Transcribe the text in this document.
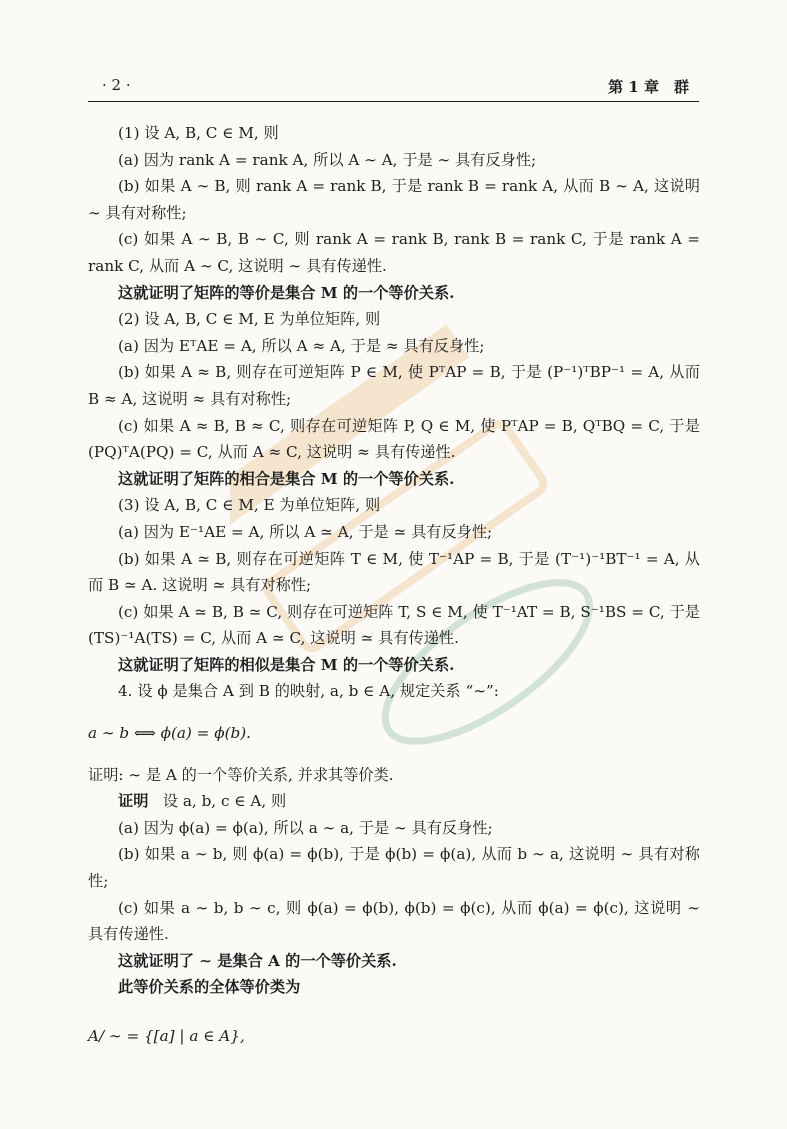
· 2 ·	第 1 章　群

(1) 设 A, B, C ∈ M, 则

(a) 因为 rank A = rank A, 所以 A ∼ A, 于是 ∼ 具有反身性;

(b) 如果 A ∼ B, 则 rank A = rank B, 于是 rank B = rank A, 从而 B ∼ A, 这说明 ∼ 具有对称性;

(c) 如果 A ∼ B, B ∼ C, 则 rank A = rank B, rank B = rank C, 于是 rank A = rank C, 从而 A ∼ C, 这说明 ∼ 具有传递性.

这就证明了矩阵的等价是集合 M 的一个等价关系.

(2) 设 A, B, C ∈ M, E 为单位矩阵, 则

(a) 因为 EᵀAE = A, 所以 A ≈ A, 于是 ≈ 具有反身性;

(b) 如果 A ≈ B, 则存在可逆矩阵 P ∈ M, 使 PᵀAP = B, 于是 (P⁻¹)ᵀBP⁻¹ = A, 从而 B ≈ A, 这说明 ≈ 具有对称性;

(c) 如果 A ≈ B, B ≈ C, 则存在可逆矩阵 P, Q ∈ M, 使 PᵀAP = B, QᵀBQ = C, 于是 (PQ)ᵀA(PQ) = C, 从而 A ≈ C, 这说明 ≈ 具有传递性.

这就证明了矩阵的相合是集合 M 的一个等价关系.

(3) 设 A, B, C ∈ M, E 为单位矩阵, 则

(a) 因为 E⁻¹AE = A, 所以 A ≃ A, 于是 ≃ 具有反身性;

(b) 如果 A ≃ B, 则存在可逆矩阵 T ∈ M, 使 T⁻¹AP = B, 于是 (T⁻¹)⁻¹BT⁻¹ = A, 从而 B ≃ A. 这说明 ≃ 具有对称性;

(c) 如果 A ≃ B, B ≃ C, 则存在可逆矩阵 T, S ∈ M, 使 T⁻¹AT = B, S⁻¹BS = C, 于是 (TS)⁻¹A(TS) = C, 从而 A ≃ C, 这说明 ≃ 具有传递性.

这就证明了矩阵的相似是集合 M 的一个等价关系.

4. 设 ϕ 是集合 A 到 B 的映射, a, b ∈ A, 规定关系 “∼”:

a ∼ b ⟺ ϕ(a) = ϕ(b).

证明: ∼ 是 A 的一个等价关系, 并求其等价类.

证明 设 a, b, c ∈ A, 则

(a) 因为 ϕ(a) = ϕ(a), 所以 a ∼ a, 于是 ∼ 具有反身性;

(b) 如果 a ∼ b, 则 ϕ(a) = ϕ(b), 于是 ϕ(b) = ϕ(a), 从而 b ∼ a, 这说明 ∼ 具有对称性;

(c) 如果 a ∼ b, b ∼ c, 则 ϕ(a) = ϕ(b), ϕ(b) = ϕ(c), 从而 ϕ(a) = ϕ(c), 这说明 ∼ 具有传递性.

这就证明了 ∼ 是集合 A 的一个等价关系.

此等价关系的全体等价类为

A/ ∼ = {[a] | a ∈ A},
